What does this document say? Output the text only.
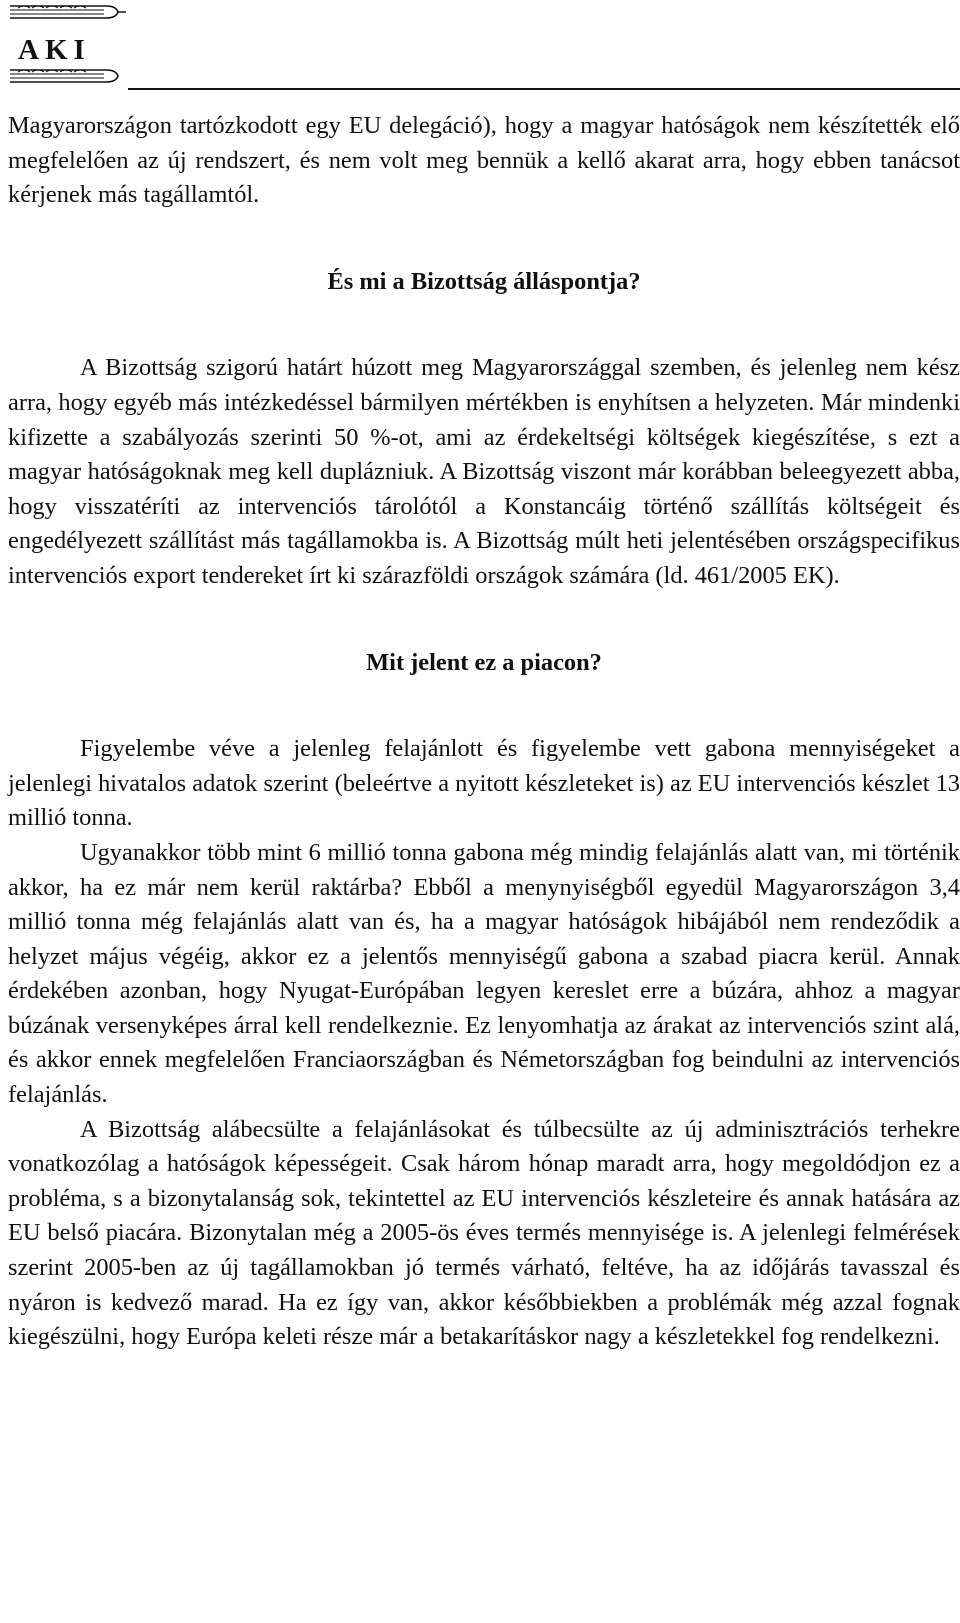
AKI

Magyarországon tartózkodott egy EU delegáció), hogy a magyar hatóságok nem készítették elő megfelelően az új rendszert, és nem volt meg bennük a kellő akarat arra, hogy ebben tanácsot kérjenek más tagállamtól.

És mi a Bizottság álláspontja?

A Bizottság szigorú határt húzott meg Magyarországgal szemben, és jelenleg nem kész arra, hogy egyéb más intézkedéssel bármilyen mértékben is enyhítsen a helyzeten. Már mindenki kifizette a szabályozás szerinti 50 %-ot, ami az érdekeltségi költségek kiegészítése, s ezt a magyar hatóságoknak meg kell duplázniuk. A Bizottság viszont már korábban beleegyezett abba, hogy visszatéríti az intervenciós tárolótól a Konstancáig történő szállítás költségeit és engedélyezett szállítást más tagállamokba is. A Bizottság múlt heti jelentésében országspecifikus intervenciós export tendereket írt ki szárazföldi országok számára (ld. 461/2005 EK).

Mit jelent ez a piacon?

Figyelembe véve a jelenleg felajánlott és figyelembe vett gabona mennyiségeket a jelenlegi hivatalos adatok szerint (beleértve a nyitott készleteket is) az EU intervenciós készlet 13 millió tonna.

Ugyanakkor több mint 6 millió tonna gabona még mindig felajánlás alatt van, mi történik akkor, ha ez már nem kerül raktárba? Ebből a menynyiségből egyedül Magyarországon 3,4 millió tonna még felajánlás alatt van és, ha a magyar hatóságok hibájából nem rendeződik a helyzet május végéig, akkor ez a jelentős mennyiségű gabona a szabad piacra kerül. Annak érdekében azonban, hogy Nyugat-Európában legyen kereslet erre a búzára, ahhoz a magyar búzának versenyképes árral kell rendelkeznie. Ez lenyomhatja az árakat az intervenciós szint alá, és akkor ennek megfelelően Franciaországban és Németországban fog beindulni az intervenciós felajánlás.

A Bizottság alábecsülte a felajánlásokat és túlbecsülte az új adminisztrációs terhekre vonatkozólag a hatóságok képességeit. Csak három hónap maradt arra, hogy megoldódjon ez a probléma, s a bizonytalanság sok, tekintettel az EU intervenciós készleteire és annak hatására az EU belső piacára. Bizonytalan még a 2005-ös éves termés mennyisége is. A jelenlegi felmérések szerint 2005-ben az új tagállamokban jó termés várható, feltéve, ha az időjárás tavasszal és nyáron is kedvező marad. Ha ez így van, akkor későbbiekben a problémák még azzal fognak kiegészülni, hogy Európa keleti része már a betakarításkor nagy a készletekkel fog rendelkezni.
